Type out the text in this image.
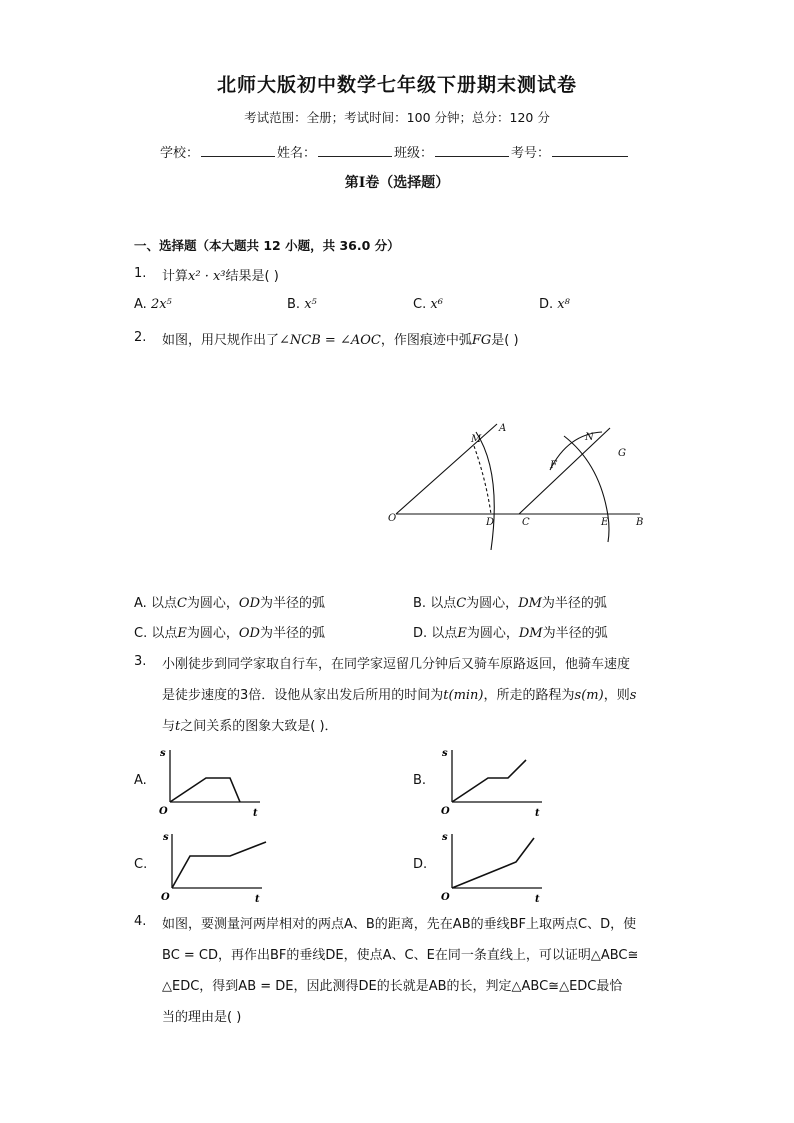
北师大版初中数学七年级下册期末测试卷
考试范围：全册；考试时间：100 分钟；总分：120 分
学校：	姓名：	班级：	考号：
第Ⅰ卷（选择题）
一、选择题（本大题共 12 小题，共 36.0 分）
1. 计算x² · x³结果是( )
A. 2x⁵	B. x⁵	C. x⁶	D. x⁸
2. 如图，用尺规作出了∠NCB = ∠AOC，作图痕迹中弧FG是( )
O
M
A
D	C
N
F
G
E	B
A. 以点C为圆心，OD为半径的弧	B. 以点C为圆心，DM为半径的弧
C. 以点E为圆心，OD为半径的弧	D. 以点E为圆心，DM为半径的弧
3. 小刚徒步到同学家取自行车，在同学家逗留几分钟后又骑车原路返回，他骑车速度
是徒步速度的3倍．设他从家出发后所用的时间为t(min)，所走的路程为s(m)，则s
与t之间关系的图象大致是( )．
A.
s
O	t
B.
s
O	t
C.
s
O	t
D.
s
O	t
4. 如图，要测量河两岸相对的两点A、B的距离，先在AB的垂线BF上取两点C、D，使
BC = CD，再作出BF的垂线DE，使点A、C、E在同一条直线上，可以证明△ABC≅
△EDC，得到AB = DE，因此测得DE的长就是AB的长，判定△ABC≅△EDC最恰
当的理由是( )
